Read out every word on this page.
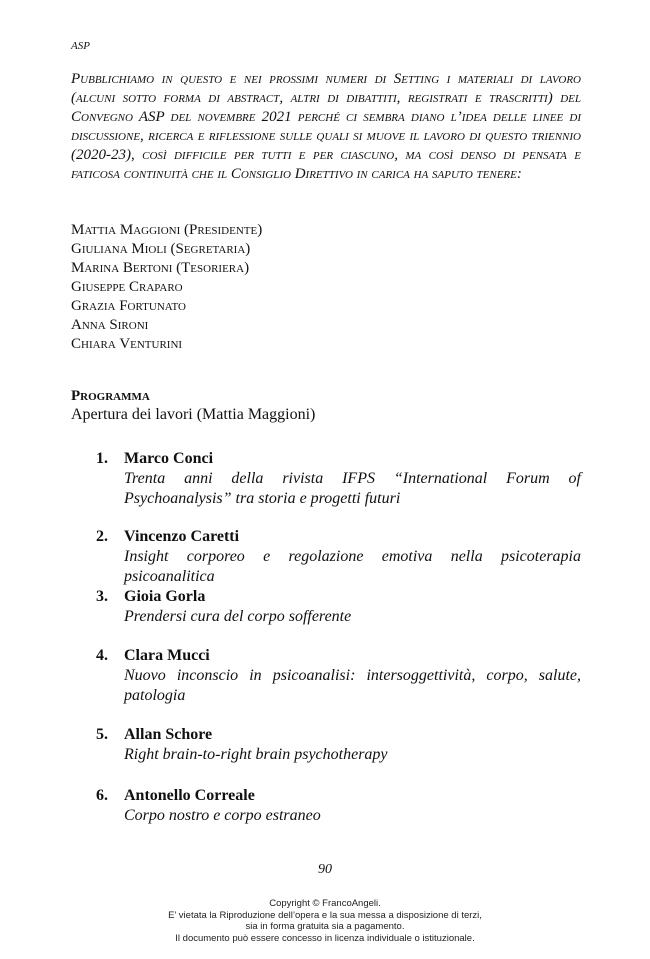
ASP
Pubblichiamo in questo e nei prossimi numeri di Setting i materiali di lavoro (alcuni sotto forma di abstract, altri di dibattiti, registrati e trascritti) del Convegno ASP del novembre 2021 perché ci sembra diano l’idea delle linee di discussione, ricerca e riflessione sulle quali si muove il lavoro di questo triennio (2020-23), così difficile per tutti e per ciascuno, ma così denso di pensata e faticosa continuità che il Consiglio Direttivo in carica ha saputo tenere:
Mattia Maggioni (Presidente)
Giuliana Mioli (Segretaria)
Marina Bertoni (Tesoriera)
Giuseppe Craparo
Grazia Fortunato
Anna Sironi
Chiara Venturini
Programma
Apertura dei lavori (Mattia Maggioni)
1. Marco Conci
Trenta anni della rivista IFPS “International Forum of Psychoanalysis” tra storia e progetti futuri
2. Vincenzo Caretti
Insight corporeo e regolazione emotiva nella psicoterapia psicoanalitica
3. Gioia Gorla
Prendersi cura del corpo sofferente
4. Clara Mucci
Nuovo inconscio in psicoanalisi: intersoggettività, corpo, salute, patologia
5. Allan Schore
Right brain-to-right brain psychotherapy
6. Antonello Correale
Corpo nostro e corpo estraneo
90
Copyright © FrancoAngeli.
E’ vietata la Riproduzione dell’opera e la sua messa a disposizione di terzi,
sia in forma gratuita sia a pagamento.
Il documento può essere concesso in licenza individuale o istituzionale.
